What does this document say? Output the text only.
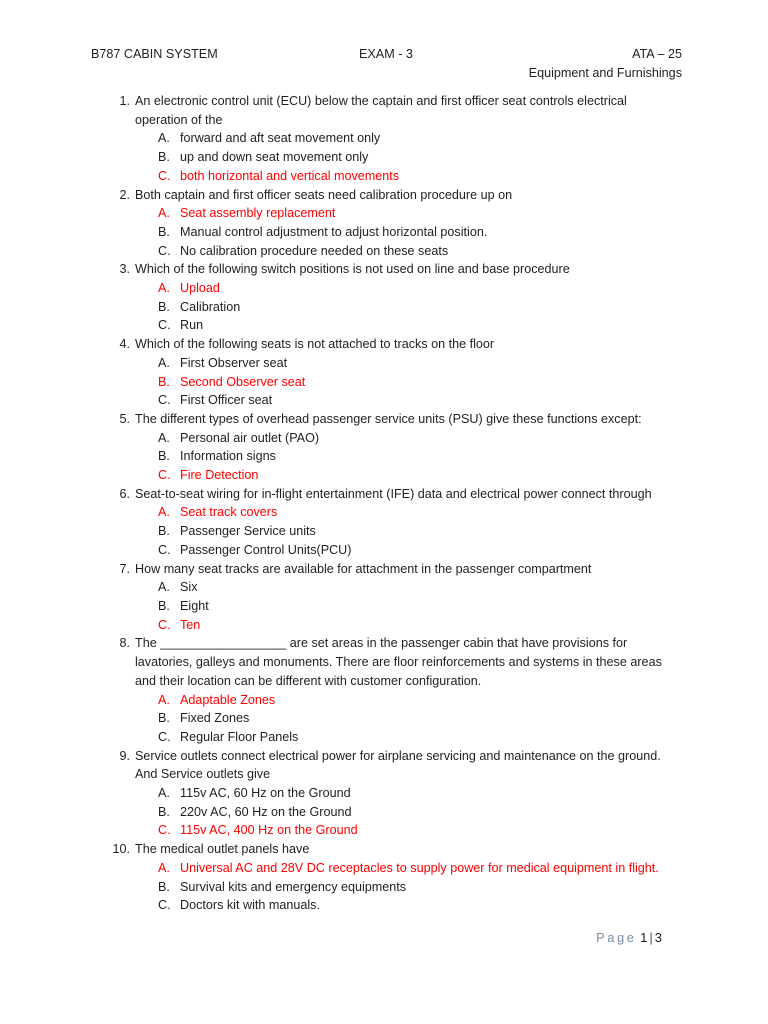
B787 CABIN SYSTEM	EXAM - 3	ATA – 25
Equipment and Furnishings
1. An electronic control unit (ECU) below the captain and first officer seat controls electrical operation of the
A. forward and aft seat movement only
B. up and down seat movement only
C. both horizontal and vertical movements
2. Both captain and first officer seats need calibration procedure up on
A. Seat assembly replacement
B. Manual control adjustment to adjust horizontal position.
C. No calibration procedure needed on these seats
3. Which of the following switch positions is not used on line and base procedure
A. Upload
B. Calibration
C. Run
4. Which of the following seats is not attached to tracks on the floor
A. First Observer seat
B. Second Observer seat
C. First Officer seat
5. The different types of overhead passenger service units (PSU) give these functions except:
A. Personal air outlet (PAO)
B. Information signs
C. Fire Detection
6. Seat-to-seat wiring for in-flight entertainment (IFE) data and electrical power connect through
A. Seat track covers
B. Passenger Service units
C. Passenger Control Units(PCU)
7. How many seat tracks are available for attachment in the passenger compartment
A. Six
B. Eight
C. Ten
8. The __________________ are set areas in the passenger cabin that have provisions for lavatories, galleys and monuments. There are floor reinforcements and systems in these areas and their location can be different with customer configuration.
A. Adaptable Zones
B. Fixed Zones
C. Regular Floor Panels
9. Service outlets connect electrical power for airplane servicing and maintenance on the ground. And Service outlets give
A. 115v AC, 60 Hz on the Ground
B. 220v AC, 60 Hz on the Ground
C. 115v AC, 400 Hz on the Ground
10. The medical outlet panels have
A. Universal AC and 28V DC receptacles to supply power for medical equipment in flight.
B. Survival kits and emergency equipments
C. Doctors kit with manuals.
Page 1 | 3
